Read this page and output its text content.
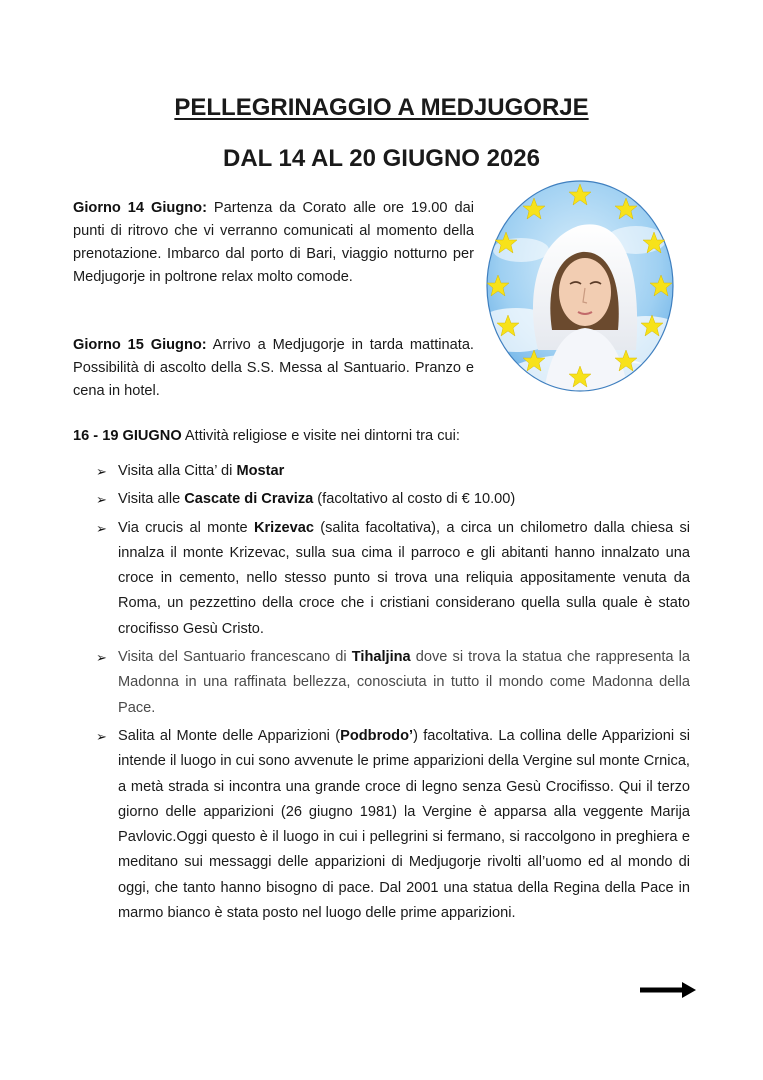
PELLEGRINAGGIO A MEDJUGORJE
DAL 14 AL 20 GIUGNO 2026

Giorno 14 Giugno: Partenza da Corato alle ore 19.00 dai punti di ritrovo che vi verranno comunicati al momento della prenotazione. Imbarco dal porto di Bari, viaggio notturno per Medjugorje in poltrone relax molto comode.

Giorno 15 Giugno: Arrivo a Medjugorje in tarda mattinata. Possibilità di ascolto della S.S. Messa al Santuario. Pranzo e cena in hotel.

16 - 19 GIUGNO Attività religiose e visite nei dintorni tra cui:

➢ Visita alla Citta’ di Mostar
➢ Visita alle Cascate di Craviza (facoltativo al costo di € 10.00)
➢ Via crucis al monte Krizevac (salita facoltativa), a circa un chilometro dalla chiesa si innalza il monte Krizevac, sulla sua cima il parroco e gli abitanti hanno innalzato una croce in cemento, nello stesso punto si trova una reliquia appositamente venuta da Roma, un pezzettino della croce che i cristiani considerano quella sulla quale è stato crocifisso Gesù Cristo.
➢ Visita del Santuario francescano di Tihaljina dove si trova la statua che rappresenta la Madonna in una raffinata bellezza, conosciuta in tutto il mondo come Madonna della Pace.
➢ Salita al Monte delle Apparizioni (Podbrodo’) facoltativa. La collina delle Apparizioni si intende il luogo in cui sono avvenute le prime apparizioni della Vergine sul monte Crnica, a metà strada si incontra una grande croce di legno senza Gesù Crocifisso. Qui il terzo giorno delle apparizioni (26 giugno 1981) la Vergine è apparsa alla veggente Marija Pavlovic.Oggi questo è il luogo in cui i pellegrini si fermano, si raccolgono in preghiera e meditano sui messaggi delle apparizioni di Medjugorje rivolti all’uomo ed al mondo di oggi, che tanto hanno bisogno di pace. Dal 2001 una statua della Regina della Pace in marmo bianco è stata posto nel luogo delle prime apparizioni.
